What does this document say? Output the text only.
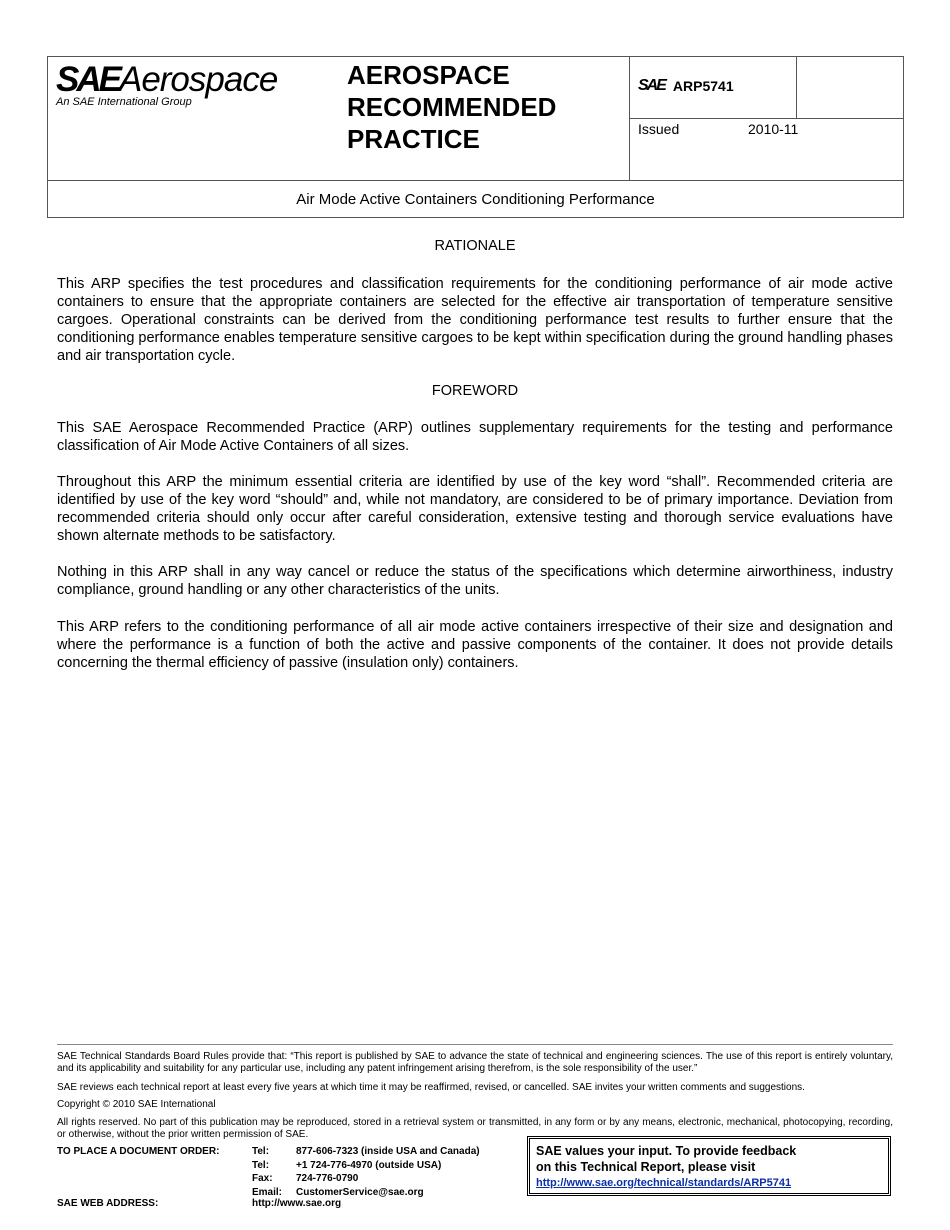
SAEAerospace
An SAE International Group
AEROSPACE
RECOMMENDED
PRACTICE
SAE ARP5741
Issued	2010-11
Air Mode Active Containers Conditioning Performance
RATIONALE
This ARP specifies the test procedures and classification requirements for the conditioning performance of air mode active containers to ensure that the appropriate containers are selected for the effective air transportation of temperature sensitive cargoes. Operational constraints can be derived from the conditioning performance test results to further ensure that the conditioning performance enables temperature sensitive cargoes to be kept within specification during the ground handling phases and air transportation cycle.
FOREWORD
This SAE Aerospace Recommended Practice (ARP) outlines supplementary requirements for the testing and performance classification of Air Mode Active Containers of all sizes.
Throughout this ARP the minimum essential criteria are identified by use of the key word “shall”. Recommended criteria are identified by use of the key word “should” and, while not mandatory, are considered to be of primary importance. Deviation from recommended criteria should only occur after careful consideration, extensive testing and thorough service evaluations have shown alternate methods to be satisfactory.
Nothing in this ARP shall in any way cancel or reduce the status of the specifications which determine airworthiness, industry compliance, ground handling or any other characteristics of the units.
This ARP refers to the conditioning performance of all air mode active containers irrespective of their size and designation and where the performance is a function of both the active and passive components of the container. It does not provide details concerning the thermal efficiency of passive (insulation only) containers.
SAE Technical Standards Board Rules provide that: “This report is published by SAE to advance the state of technical and engineering sciences. The use of this report is entirely voluntary, and its applicability and suitability for any particular use, including any patent infringement arising therefrom, is the sole responsibility of the user.”
SAE reviews each technical report at least every five years at which time it may be reaffirmed, revised, or cancelled. SAE invites your written comments and suggestions.
Copyright © 2010 SAE International
All rights reserved. No part of this publication may be reproduced, stored in a retrieval system or transmitted, in any form or by any means, electronic, mechanical, photocopying, recording, or otherwise, without the prior written permission of SAE.
TO PLACE A DOCUMENT ORDER:	Tel:	877-606-7323 (inside USA and Canada)
Tel:	+1 724-776-4970 (outside USA)
Fax: 724-776-0790
Email: CustomerService@sae.org
SAE WEB ADDRESS:	http://www.sae.org
SAE values your input. To provide feedback
on this Technical Report, please visit
http://www.sae.org/technical/standards/ARP5741
